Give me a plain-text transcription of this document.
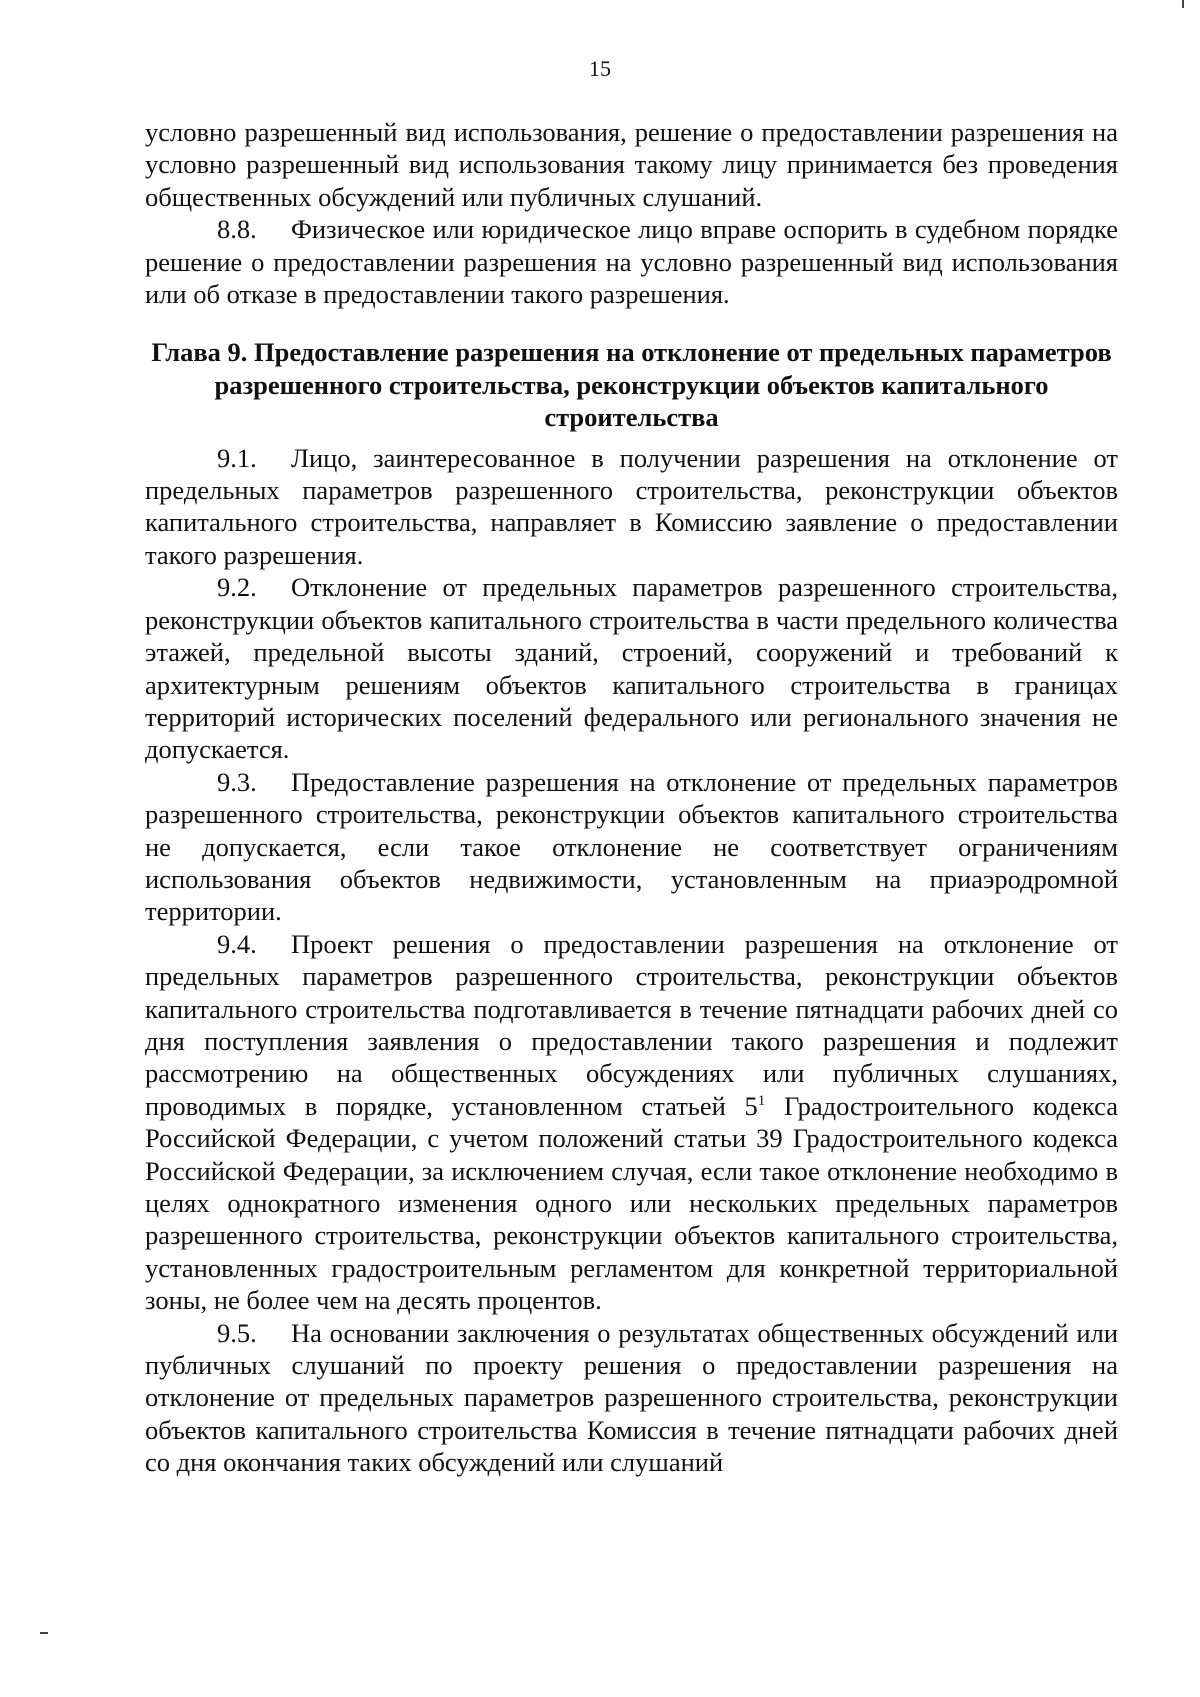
15

условно разрешенный вид использования, решение о предоставлении разрешения на условно разрешенный вид использования такому лицу принимается без проведения общественных обсуждений или публичных слушаний.

8.8. Физическое или юридическое лицо вправе оспорить в судебном порядке решение о предоставлении разрешения на условно разрешенный вид использования или об отказе в предоставлении такого разрешения.

Глава 9. Предоставление разрешения на отклонение от предельных параметров разрешенного строительства, реконструкции объектов капитального строительства

9.1. Лицо, заинтересованное в получении разрешения на отклонение от предельных параметров разрешенного строительства, реконструкции объектов капитального строительства, направляет в Комиссию заявление о предоставлении такого разрешения.

9.2. Отклонение от предельных параметров разрешенного строительства, реконструкции объектов капитального строительства в части предельного количества этажей, предельной высоты зданий, строений, сооружений и требований к архитектурным решениям объектов капитального строительства в границах территорий исторических поселений федерального или регионального значения не допускается.

9.3. Предоставление разрешения на отклонение от предельных параметров разрешенного строительства, реконструкции объектов капитального строительства не допускается, если такое отклонение не соответствует ограничениям использования объектов недвижимости, установленным на приаэродромной территории.

9.4. Проект решения о предоставлении разрешения на отклонение от предельных параметров разрешенного строительства, реконструкции объектов капитального строительства подготавливается в течение пятнадцати рабочих дней со дня поступления заявления о предоставлении такого разрешения и подлежит рассмотрению на общественных обсуждениях или публичных слушаниях, проводимых в порядке, установленном статьей $5^1$ Градостроительного кодекса Российской Федерации, с учетом положений статьи 39 Градостроительного кодекса Российской Федерации, за исключением случая, если такое отклонение необходимо в целях однократного изменения одного или нескольких предельных параметров разрешенного строительства, реконструкции объектов капитального строительства, установленных градостроительным регламентом для конкретной территориальной зоны, не более чем на десять процентов.

9.5. На основании заключения о результатах общественных обсуждений или публичных слушаний по проекту решения о предоставлении разрешения на отклонение от предельных параметров разрешенного строительства, реконструкции объектов капитального строительства Комиссия в течение пятнадцати рабочих дней со дня окончания таких обсуждений или слушаний
